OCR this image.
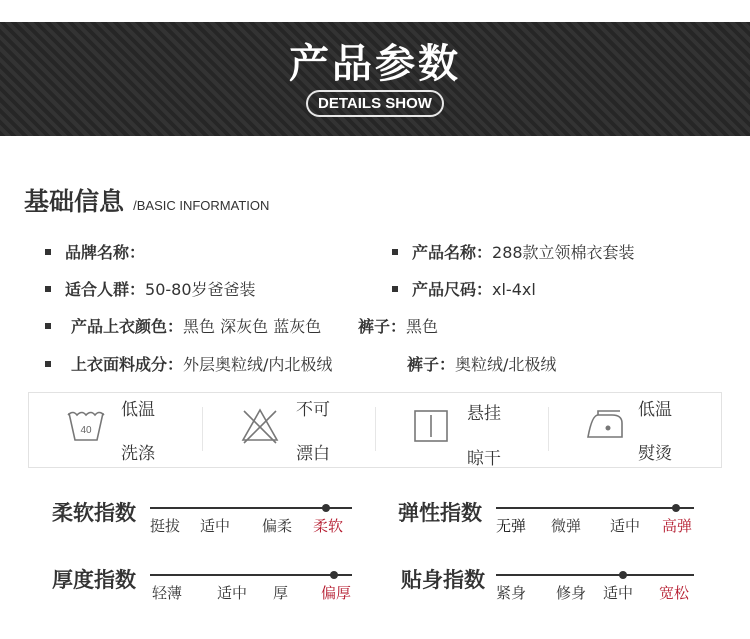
产品参数
DETAILS SHOW
基础信息 /BASIC INFORMATION
品牌名称：	产品名称：288款立领棉衣套装
适合人群：50-80岁爸爸装	产品尺码：xl-4xl
产品上衣颜色：黑色 深灰色 蓝灰色 裤子：黑色
上衣面料成分：外层奥粒绒/内北极绒	裤子：奥粒绒/北极绒
40
低温
洗涤
不可
漂白
悬挂
晾干
低温
熨烫
柔软指数
挺拔 适中 偏柔 柔软
弹性指数
无弹 微弹 适中 高弹
厚度指数
轻薄 适中 厚 偏厚
贴身指数
紧身 修身 适中 宽松
